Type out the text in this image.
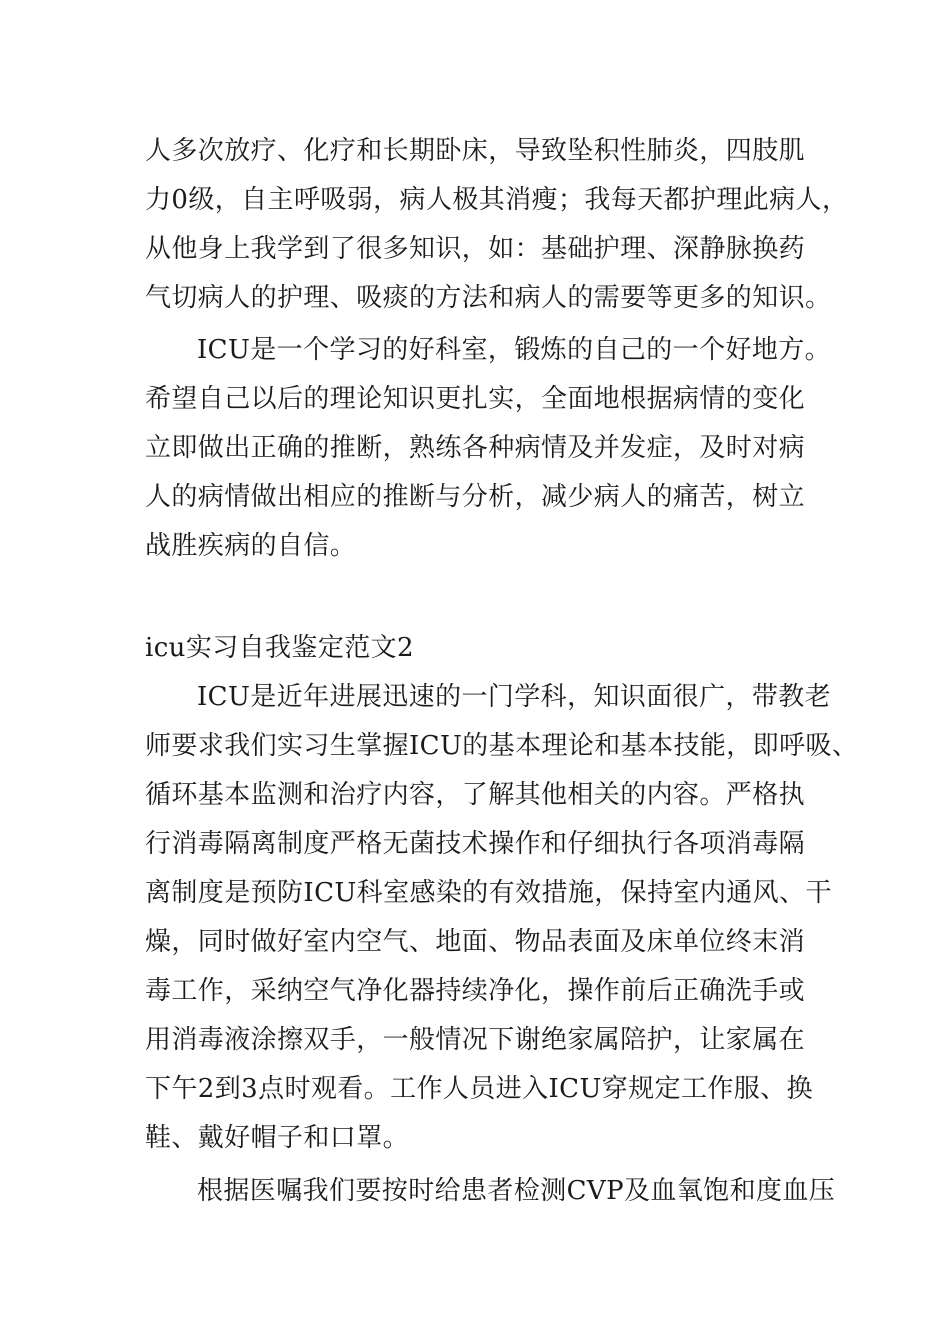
人多次放疗、化疗和长期卧床，导致坠积性肺炎，四肢肌
力0级，自主呼吸弱，病人极其消瘦；我每天都护理此病人，
从他身上我学到了很多知识，如：基础护理、深静脉换药
气切病人的护理、吸痰的方法和病人的需要等更多的知识。
ICU是一个学习的好科室，锻炼的自己的一个好地方。
希望自己以后的理论知识更扎实，全面地根据病情的变化
立即做出正确的推断，熟练各种病情及并发症，及时对病
人的病情做出相应的推断与分析，减少病人的痛苦，树立
战胜疾病的自信。
icu实习自我鉴定范文2
ICU是近年进展迅速的一门学科，知识面很广，带教老
师要求我们实习生掌握ICU的基本理论和基本技能，即呼吸、
循环基本监测和治疗内容，了解其他相关的内容。严格执
行消毒隔离制度严格无菌技术操作和仔细执行各项消毒隔
离制度是预防ICU科室感染的有效措施，保持室内通风、干
燥，同时做好室内空气、地面、物品表面及床单位终末消
毒工作，采纳空气净化器持续净化，操作前后正确洗手或
用消毒液涂擦双手，一般情况下谢绝家属陪护，让家属在
下午2到3点时观看。工作人员进入ICU穿规定工作服、换
鞋、戴好帽子和口罩。
根据医嘱我们要按时给患者检测CVP及血氧饱和度血压
